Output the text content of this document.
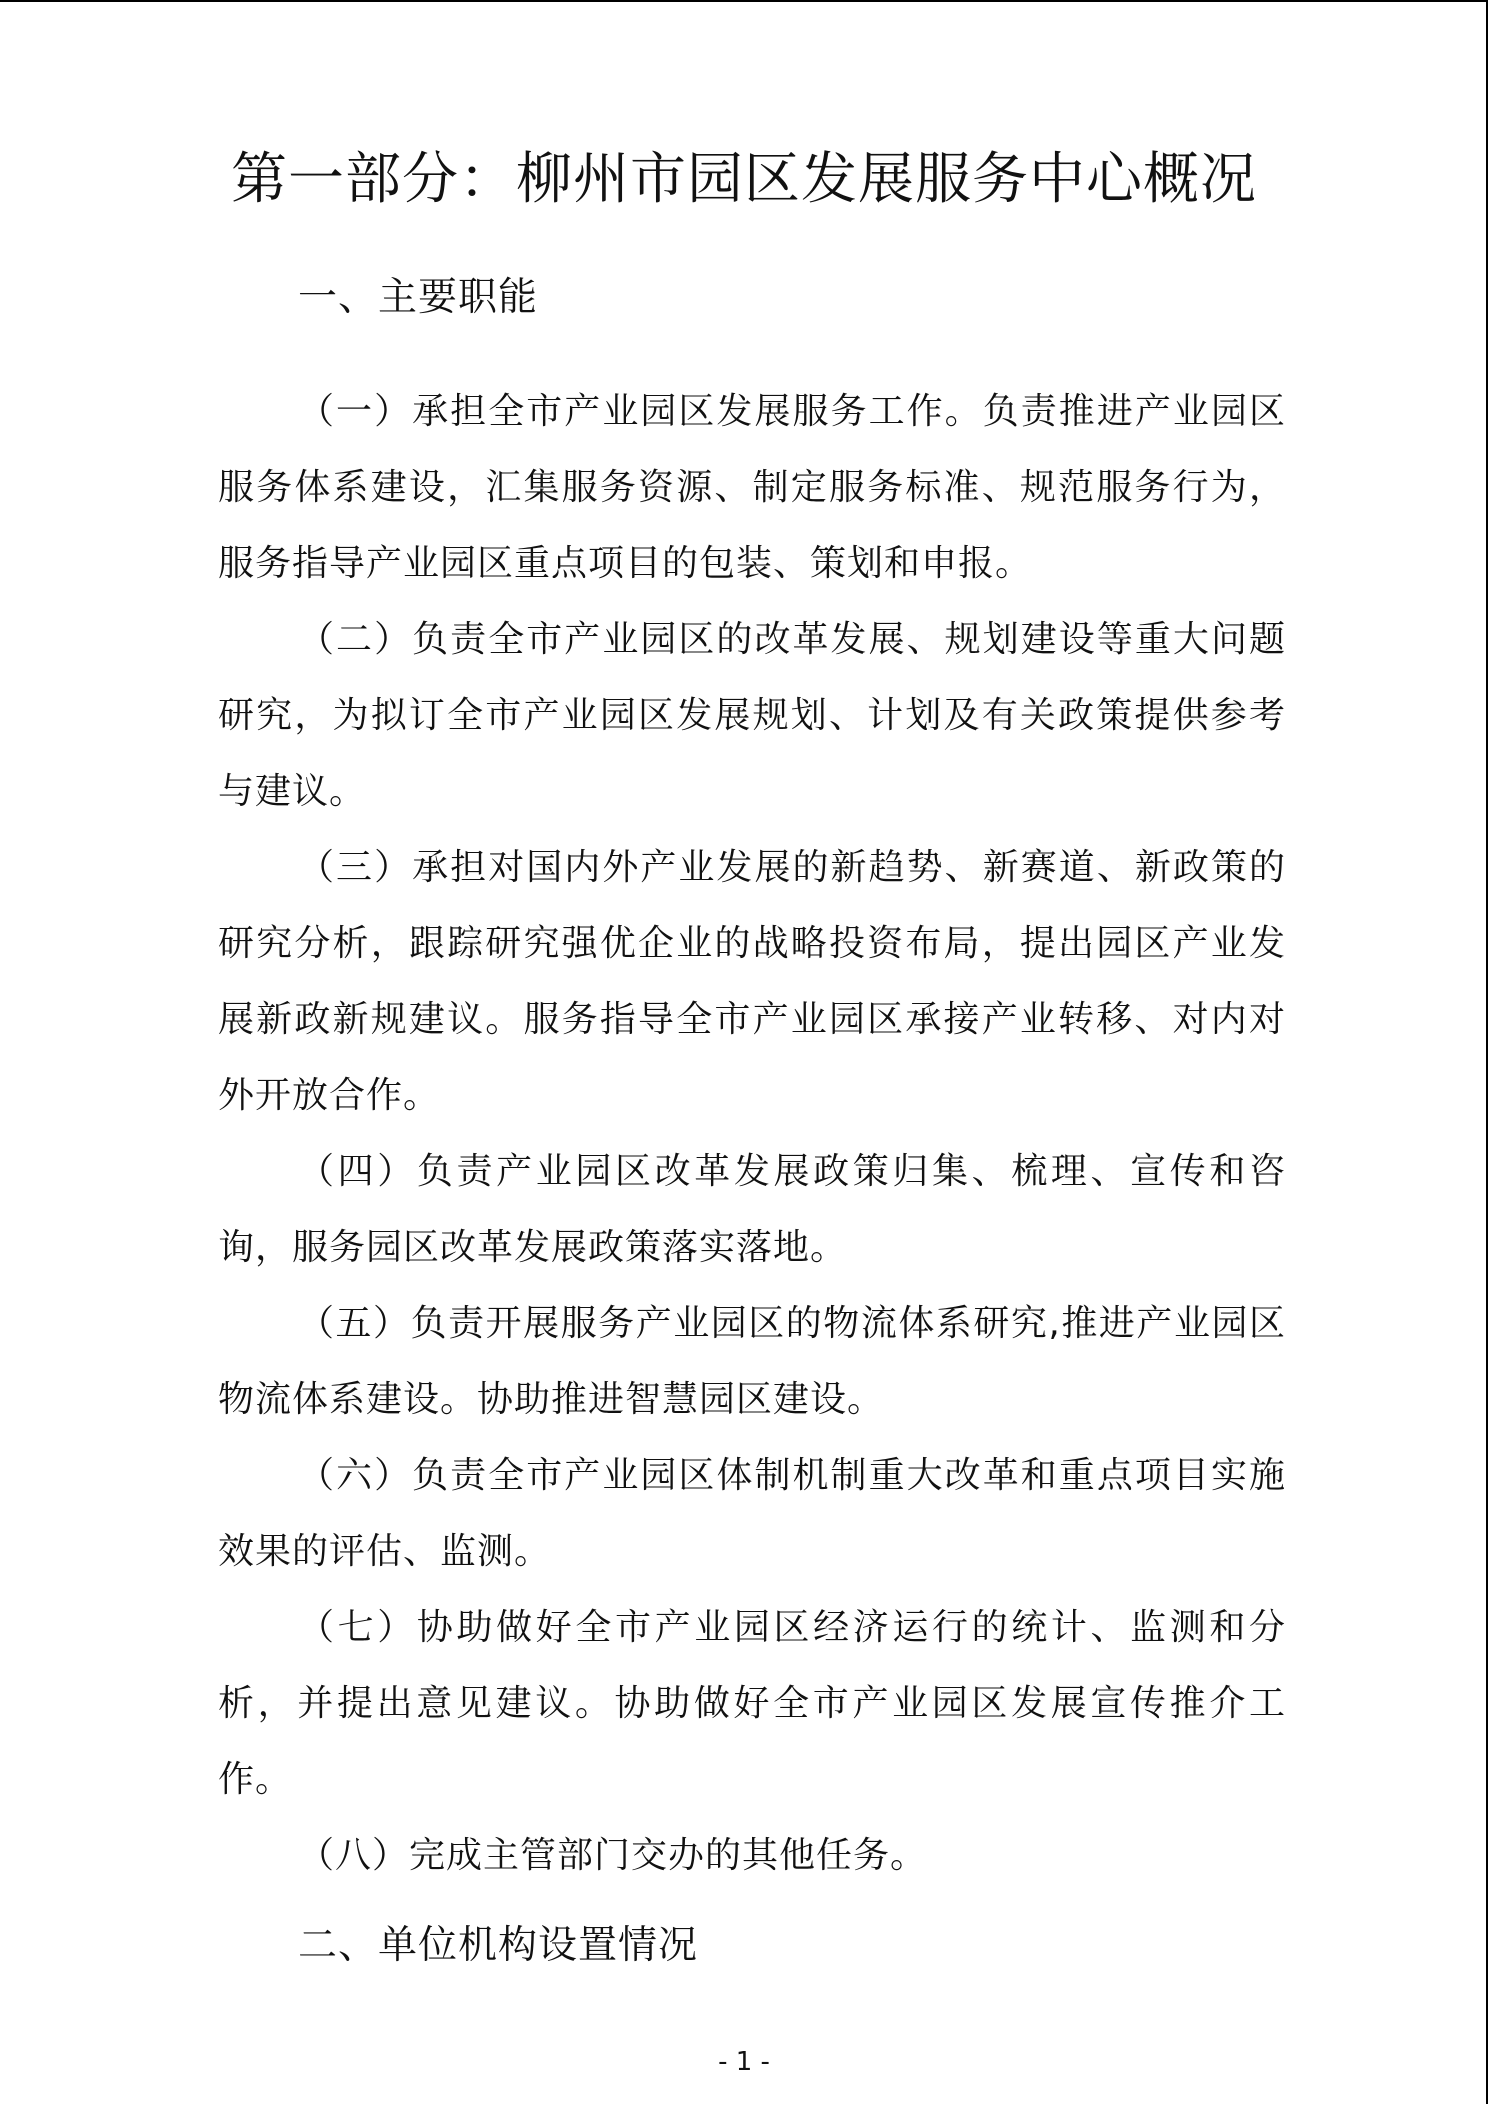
第一部分：柳州市园区发展服务中心概况
一、主要职能

（一）承担全市产业园区发展服务工作。负责推进产业园区服务体系建设，汇集服务资源、制定服务标准、规范服务行为，服务指导产业园区重点项目的包装、策划和申报。

（二）负责全市产业园区的改革发展、规划建设等重大问题研究，为拟订全市产业园区发展规划、计划及有关政策提供参考与建议。

（三）承担对国内外产业发展的新趋势、新赛道、新政策的研究分析，跟踪研究强优企业的战略投资布局，提出园区产业发展新政新规建议。服务指导全市产业园区承接产业转移、对内对外开放合作。

（四）负责产业园区改革发展政策归集、梳理、宣传和咨询，服务园区改革发展政策落实落地。

（五）负责开展服务产业园区的物流体系研究,推进产业园区物流体系建设。协助推进智慧园区建设。

（六）负责全市产业园区体制机制重大改革和重点项目实施效果的评估、监测。

（七）协助做好全市产业园区经济运行的统计、监测和分析，并提出意见建议。协助做好全市产业园区发展宣传推介工作。

（八）完成主管部门交办的其他任务。

二、单位机构设置情况
- 1 -
